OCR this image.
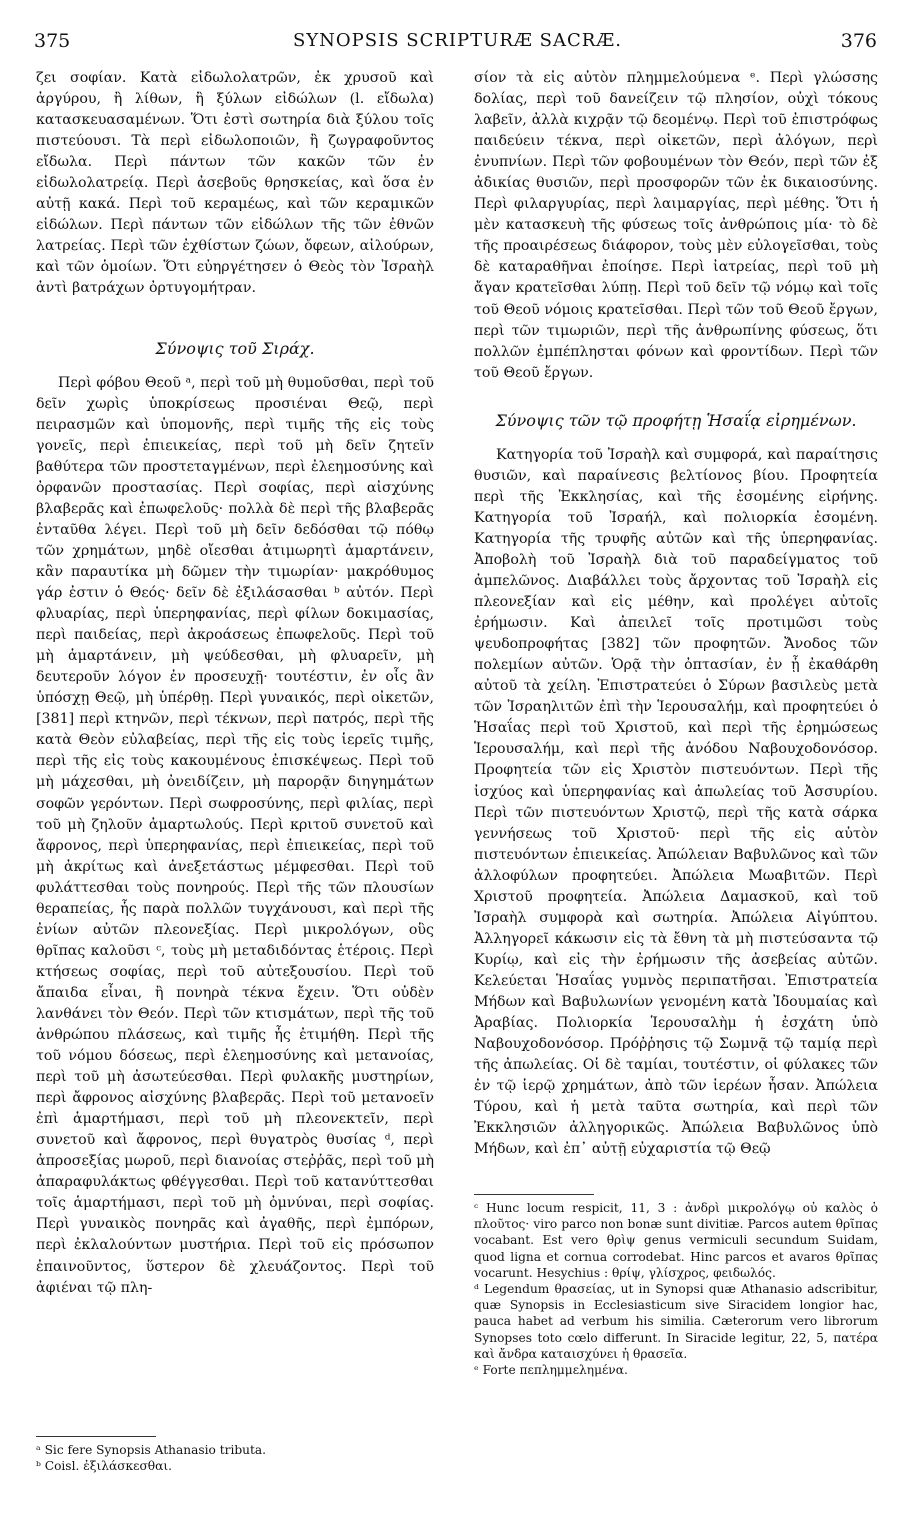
375	SYNOPSIS SCRIPTURÆ SACRÆ.	376

ζει σοφίαν. Κατὰ εἰδωλολατρῶν, ἐκ χρυσοῦ καὶ ἀργύρου, ἢ λίθων, ἢ ξύλων εἰδώλων (l. εἴδωλα) κατασκευασαμένων. Ὅτι ἐστὶ σωτηρία διὰ ξύλου τοῖς πιστεύουσι. Τὰ περὶ εἰδωλοποιῶν, ἢ ζωγραφοῦντος εἴδωλα. Περὶ πάντων τῶν κακῶν τῶν ἐν εἰδωλολατρείᾳ. Περὶ ἀσεβοῦς θρησκείας, καὶ ὅσα ἐν αὐτῇ κακά. Περὶ τοῦ κεραμέως, καὶ τῶν κεραμικῶν εἰδώλων. Περὶ πάντων τῶν εἰδώλων τῆς τῶν ἐθνῶν λατρείας. Περὶ τῶν ἐχθίστων ζώων, ὄφεων, αἰλούρων, καὶ τῶν ὁμοίων. Ὅτι εὐηργέτησεν ὁ Θεὸς τὸν Ἰσραὴλ ἀντὶ βατράχων ὀρτυγομήτραν.

Σύνοψις τοῦ Σιράχ.

Περὶ φόβου Θεοῦ ᵃ, περὶ τοῦ μὴ θυμοῦσθαι, περὶ τοῦ δεῖν χωρὶς ὑποκρίσεως προσιέναι Θεῷ, περὶ πειρασμῶν καὶ ὑπομονῆς, περὶ τιμῆς τῆς εἰς τοὺς γονεῖς, περὶ ἐπιεικείας, περὶ τοῦ μὴ δεῖν ζητεῖν βαθύτερα τῶν προστεταγμένων, περὶ ἐλεημοσύνης καὶ ὀρφανῶν προστασίας. Περὶ σοφίας, περὶ αἰσχύνης βλαβερᾶς καὶ ἐπωφελοῦς· πολλὰ δὲ περὶ τῆς βλαβερᾶς ἐνταῦθα λέγει. Περὶ τοῦ μὴ δεῖν δεδόσθαι τῷ πόθῳ τῶν χρημάτων, μηδὲ οἴεσθαι ἀτιμωρητὶ ἁμαρτάνειν, κἂν παραυτίκα μὴ δῶμεν τὴν τιμωρίαν· μακρόθυμος γάρ ἐστιν ὁ Θεός· δεῖν δὲ ἐξιλάσασθαι ᵇ αὐτόν. Περὶ φλυαρίας, περὶ ὑπερηφανίας, περὶ φίλων δοκιμασίας, περὶ παιδείας, περὶ ἀκροάσεως ἐπωφελοῦς. Περὶ τοῦ μὴ ἁμαρτάνειν, μὴ ψεύδεσθαι, μὴ φλυαρεῖν, μὴ δευτεροῦν λόγον ἐν προσευχῇ· τουτέστιν, ἐν οἷς ἂν ὑπόσχῃ Θεῷ, μὴ ὑπέρθῃ. Περὶ γυναικός, περὶ οἰκετῶν, [381] περὶ κτηνῶν, περὶ τέκνων, περὶ πατρός, περὶ τῆς κατὰ Θεὸν εὐλαβείας, περὶ τῆς εἰς τοὺς ἱερεῖς τιμῆς, περὶ τῆς εἰς τοὺς κακουμένους ἐπισκέψεως. Περὶ τοῦ μὴ μάχεσθαι, μὴ ὀνειδίζειν, μὴ παρορᾷν διηγημάτων σοφῶν γερόντων. Περὶ σωφροσύνης, περὶ φιλίας, περὶ τοῦ μὴ ζηλοῦν ἁμαρτωλούς. Περὶ κριτοῦ συνετοῦ καὶ ἄφρονος, περὶ ὑπερηφανίας, περὶ ἐπιεικείας, περὶ τοῦ μὴ ἀκρίτως καὶ ἀνεξετάστως μέμφεσθαι. Περὶ τοῦ φυλάττεσθαι τοὺς πονηρούς. Περὶ τῆς τῶν πλουσίων θεραπείας, ἧς παρὰ πολλῶν τυγχάνουσι, καὶ περὶ τῆς ἐνίων αὐτῶν πλεονεξίας. Περὶ μικρολόγων, οὓς θρῖπας καλοῦσι ᶜ, τοὺς μὴ μεταδιδόντας ἑτέροις. Περὶ κτήσεως σοφίας, περὶ τοῦ αὐτεξουσίου. Περὶ τοῦ ἄπαιδα εἶναι, ἢ πονηρὰ τέκνα ἔχειν. Ὅτι οὐδὲν λανθάνει τὸν Θεόν. Περὶ τῶν κτισμάτων, περὶ τῆς τοῦ ἀνθρώπου πλάσεως, καὶ τιμῆς ἧς ἐτιμήθη. Περὶ τῆς τοῦ νόμου δόσεως, περὶ ἐλεημοσύνης καὶ μετανοίας, περὶ τοῦ μὴ ἀσωτεύεσθαι. Περὶ φυλακῆς μυστηρίων, περὶ ἄφρονος αἰσχύνης βλαβερᾶς. Περὶ τοῦ μετανοεῖν ἐπὶ ἁμαρτήμασι, περὶ τοῦ μὴ πλεονεκτεῖν, περὶ συνετοῦ καὶ ἄφρονος, περὶ θυγατρὸς θυσίας ᵈ, περὶ ἀπροσεξίας μωροῦ, περὶ διανοίας στεῤῥᾶς, περὶ τοῦ μὴ ἀπαραφυλάκτως φθέγγεσθαι. Περὶ τοῦ κατανύττεσθαι τοῖς ἁμαρτήμασι, περὶ τοῦ μὴ ὀμνύναι, περὶ σοφίας. Περὶ γυναικὸς πονηρᾶς καὶ ἀγαθῆς, περὶ ἐμπόρων, περὶ ἐκλαλούντων μυστήρια. Περὶ τοῦ εἰς πρόσωπον ἐπαινοῦντος, ὕστερον δὲ χλευάζοντος. Περὶ τοῦ ἀφιέναι τῷ πλη-

σίον τὰ εἰς αὐτὸν πλημμελούμενα ᵉ. Περὶ γλώσσης δολίας, περὶ τοῦ δανείζειν τῷ πλησίον, οὐχὶ τόκους λαβεῖν, ἀλλὰ κιχρᾷν τῷ δεομένῳ. Περὶ τοῦ ἐπιστρόφως παιδεύειν τέκνα, περὶ οἰκετῶν, περὶ ἀλόγων, περὶ ἐνυπνίων. Περὶ τῶν φοβουμένων τὸν Θεόν, περὶ τῶν ἐξ ἀδικίας θυσιῶν, περὶ προσφορῶν τῶν ἐκ δικαιοσύνης. Περὶ φιλαργυρίας, περὶ λαιμαργίας, περὶ μέθης. Ὅτι ἡ μὲν κατασκευὴ τῆς φύσεως τοῖς ἀνθρώποις μία· τὸ δὲ τῆς προαιρέσεως διάφορον, τοὺς μὲν εὐλογεῖσθαι, τοὺς δὲ καταραθῆναι ἐποίησε. Περὶ ἰατρείας, περὶ τοῦ μὴ ἄγαν κρατεῖσθαι λύπῃ. Περὶ τοῦ δεῖν τῷ νόμῳ καὶ τοῖς τοῦ Θεοῦ νόμοις κρατεῖσθαι. Περὶ τῶν τοῦ Θεοῦ ἔργων, περὶ τῶν τιμωριῶν, περὶ τῆς ἀνθρωπίνης φύσεως, ὅτι πολλῶν ἐμπέπλησται φόνων καὶ φροντίδων. Περὶ τῶν τοῦ Θεοῦ ἔργων.

Σύνοψις τῶν τῷ προφήτῃ Ἡσαΐᾳ εἰρημένων.

Κατηγορία τοῦ Ἰσραὴλ καὶ συμφορά, καὶ παραίτησις θυσιῶν, καὶ παραίνεσις βελτίονος βίου. Προφητεία περὶ τῆς Ἐκκλησίας, καὶ τῆς ἐσομένης εἰρήνης. Κατηγορία τοῦ Ἰσραήλ, καὶ πολιορκία ἐσομένη. Κατηγορία τῆς τρυφῆς αὐτῶν καὶ τῆς ὑπερηφανίας. Ἀποβολὴ τοῦ Ἰσραὴλ διὰ τοῦ παραδείγματος τοῦ ἀμπελῶνος. Διαβάλλει τοὺς ἄρχοντας τοῦ Ἰσραὴλ εἰς πλεονεξίαν καὶ εἰς μέθην, καὶ προλέγει αὐτοῖς ἐρήμωσιν. Καὶ ἀπειλεῖ τοῖς προτιμῶσι τοὺς ψευδοπροφήτας [382] τῶν προφητῶν. Ἄνοδος τῶν πολεμίων αὐτῶν. Ὁρᾷ τὴν ὀπτασίαν, ἐν ᾗ ἐκαθάρθη αὐτοῦ τὰ χείλη. Ἐπιστρατεύει ὁ Σύρων βασιλεὺς μετὰ τῶν Ἰσραηλιτῶν ἐπὶ τὴν Ἱερουσαλήμ, καὶ προφητεύει ὁ Ἡσαΐας περὶ τοῦ Χριστοῦ, καὶ περὶ τῆς ἐρημώσεως Ἱερουσαλήμ, καὶ περὶ τῆς ἀνόδου Ναβουχοδονόσορ. Προφητεία τῶν εἰς Χριστὸν πιστευόντων. Περὶ τῆς ἰσχύος καὶ ὑπερηφανίας καὶ ἀπωλείας τοῦ Ἀσσυρίου. Περὶ τῶν πιστευόντων Χριστῷ, περὶ τῆς κατὰ σάρκα γεννήσεως τοῦ Χριστοῦ· περὶ τῆς εἰς αὐτὸν πιστευόντων ἐπιεικείας. Ἀπώλειαν Βαβυλῶνος καὶ τῶν ἀλλοφύλων προφητεύει. Ἀπώλεια Μωαβιτῶν. Περὶ Χριστοῦ προφητεία. Ἀπώλεια Δαμασκοῦ, καὶ τοῦ Ἰσραὴλ συμφορὰ καὶ σωτηρία. Ἀπώλεια Αἰγύπτου. Ἀλληγορεῖ κάκωσιν εἰς τὰ ἔθνη τὰ μὴ πιστεύσαντα τῷ Κυρίῳ, καὶ εἰς τὴν ἐρήμωσιν τῆς ἀσεβείας αὐτῶν. Κελεύεται Ἡσαΐας γυμνὸς περιπατῆσαι. Ἐπιστρατεία Μήδων καὶ Βαβυλωνίων γενομένη κατὰ Ἰδουμαίας καὶ Ἀραβίας. Πολιορκία Ἱερουσαλὴμ ἡ ἐσχάτη ὑπὸ Ναβουχοδονόσορ. Πρόῤῥησις τῷ Σωμνᾷ τῷ ταμίᾳ περὶ τῆς ἀπωλείας. Οἱ δὲ ταμίαι, τουτέστιν, οἱ φύλακες τῶν ἐν τῷ ἱερῷ χρημάτων, ἀπὸ τῶν ἱερέων ἦσαν. Ἀπώλεια Τύρου, καὶ ἡ μετὰ ταῦτα σωτηρία, καὶ περὶ τῶν Ἐκκλησιῶν ἀλληγορικῶς. Ἀπώλεια Βαβυλῶνος ὑπὸ Μήδων, καὶ ἐπ᾽ αὐτῇ εὐχαριστία τῷ Θεῷ

ᵃ Sic fere Synopsis Athanasio tributa.

ᵇ Coisl. ἐξιλάσκεσθαι.

ᶜ Hunc locum respicit, 11, 3 : ἀνδρὶ μικρολόγῳ οὐ καλὸς ὁ πλοῦτος· viro parco non bonæ sunt divitiæ. Parcos autem θρῖπας vocabant. Est vero θρὶψ genus vermiculi secundum Suidam, quod ligna et cornua corrodebat. Hinc parcos et avaros θρῖπας vocarunt. Hesychius : θρίψ, γλίσχρος, φειδωλός.

ᵈ Legendum θρασείας, ut in Synopsi quæ Athanasio adscribitur, quæ Synopsis in Ecclesiasticum sive Siracidem longior hac, pauca habet ad verbum his similia. Cæterorum vero librorum Synopses toto cœlo differunt. In Siracide legitur, 22, 5, πατέρα καὶ ἄνδρα καταισχύνει ἡ θρασεῖα.

ᵉ Forte πεπλημμελημένα.
